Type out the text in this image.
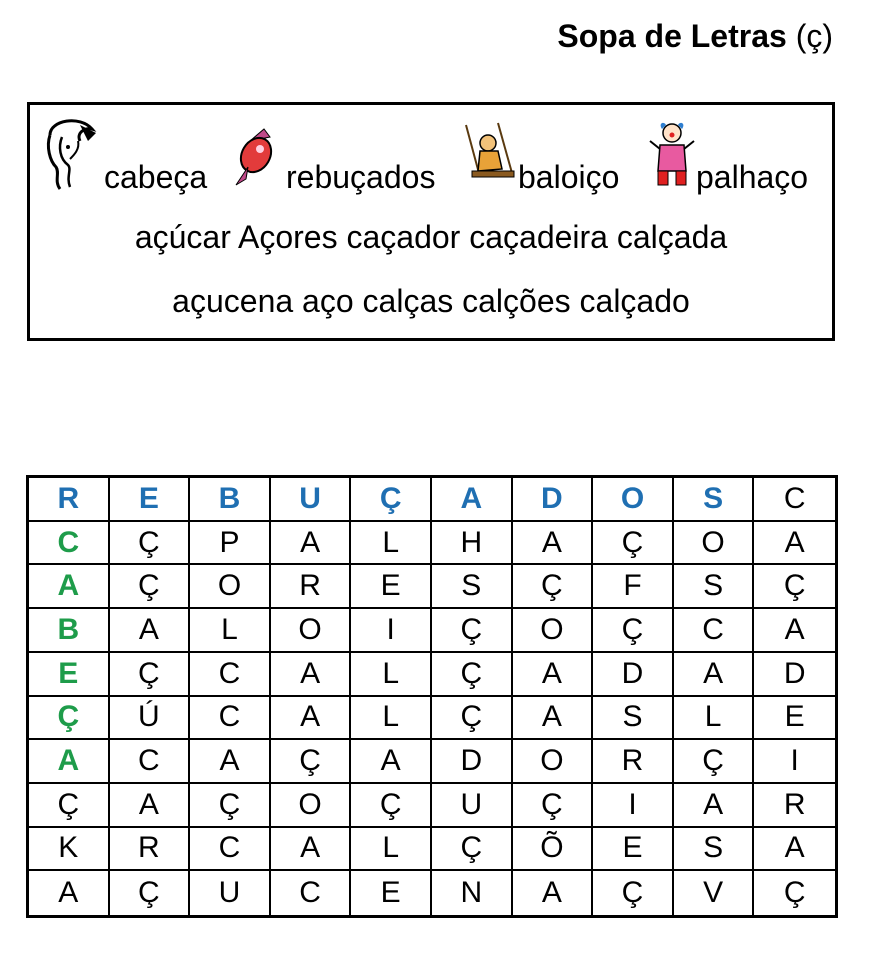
Sopa de Letras (ç)
cabeça rebuçados	baloiço palhaço
açúcar Açores caçador caçadeira calçada
açucena aço calças calções calçado
R	E	B	U	Ç	A	D	O	S	C
C	Ç	P	A	L	H	A	Ç	O	A
A	Ç	O	R	E	S	Ç	F	S	Ç
B	A	L	O	I	Ç	O	Ç	C	A
E	Ç	C	A	L	Ç	A	D	A	D
Ç	Ú	C	A	L	Ç	A	S	L	E
A	C	A	Ç	A	D	O	R	Ç	I
Ç	A	Ç	O	Ç	U	Ç	I	A	R
K	R	C	A	L	Ç	Õ	E	S	A
A	Ç	U	C	E	N	A	Ç	V	Ç
